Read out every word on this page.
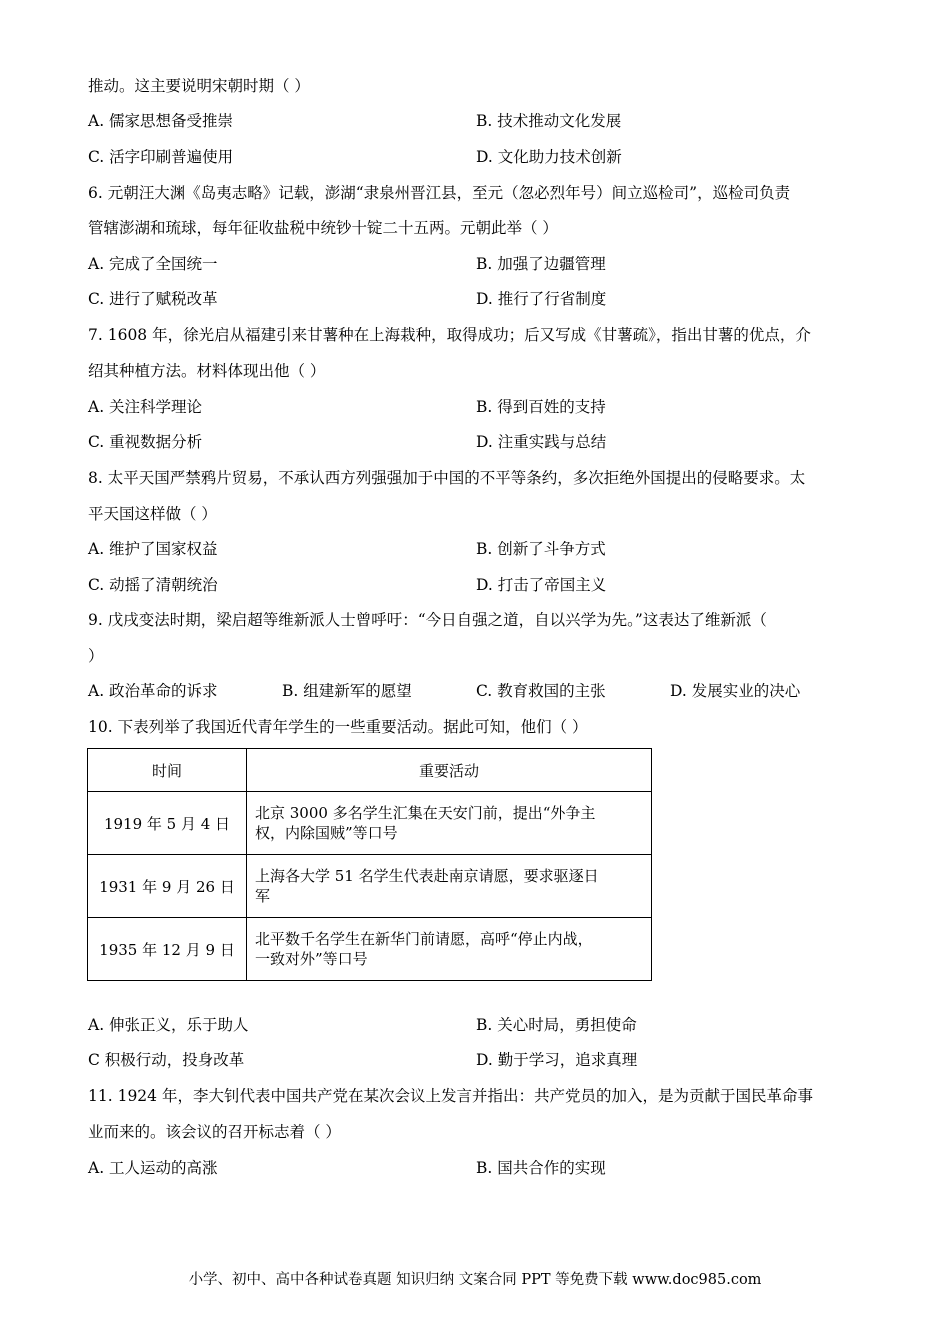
推动。这主要说明宋朝时期（ ）
A. 儒家思想备受推崇	B. 技术推动文化发展
C. 活字印刷普遍使用	D. 文化助力技术创新
6. 元朝汪大渊《岛夷志略》记载，澎湖“隶泉州晋江县，至元（忽必烈年号）间立巡检司”，巡检司负责
管辖澎湖和琉球，每年征收盐税中统钞十锭二十五两。元朝此举（ ）
A. 完成了全国统一	B. 加强了边疆管理
C. 进行了赋税改革	D. 推行了行省制度
7. 1608 年，徐光启从福建引来甘薯种在上海栽种，取得成功；后又写成《甘薯疏》，指出甘薯的优点，介
绍其种植方法。材料体现出他（ ）
A. 关注科学理论	B. 得到百姓的支持
C. 重视数据分析	D. 注重实践与总结
8. 太平天国严禁鸦片贸易，不承认西方列强强加于中国的不平等条约，多次拒绝外国提出的侵略要求。太
平天国这样做（ ）
A. 维护了国家权益	B. 创新了斗争方式
C. 动摇了清朝统治	D. 打击了帝国主义
9. 戊戌变法时期，梁启超等维新派人士曾呼吁：“今日自强之道，自以兴学为先。”这表达了维新派（
）
A. 政治革命的诉求	B. 组建新军的愿望	C. 教育救国的主张	D. 发展实业的决心
10. 下表列举了我国近代青年学生的一些重要活动。据此可知，他们（ ）
时间	重要活动
1919 年 5 月 4 日	北京 3000 多名学生汇集在天安门前，提出“外争主
权，内除国贼”等口号

1931 年 9 月 26 日	上海各大学 51 名学生代表赴南京请愿，要求驱逐日
军

1935 年 12 月 9 日	北平数千名学生在新华门前请愿，高呼“停止内战，
一致对外”等口号
A. 伸张正义，乐于助人	B. 关心时局，勇担使命
C 积极行动，投身改革	D. 勤于学习，追求真理
11. 1924 年，李大钊代表中国共产党在某次会议上发言并指出：共产党员的加入，是为贡献于国民革命事
业而来的。该会议的召开标志着（ ）
A. 工人运动的高涨	B. 国共合作的实现
小学、初中、高中各种试卷真题 知识归纳 文案合同 PPT 等免费下载 www.doc985.com
